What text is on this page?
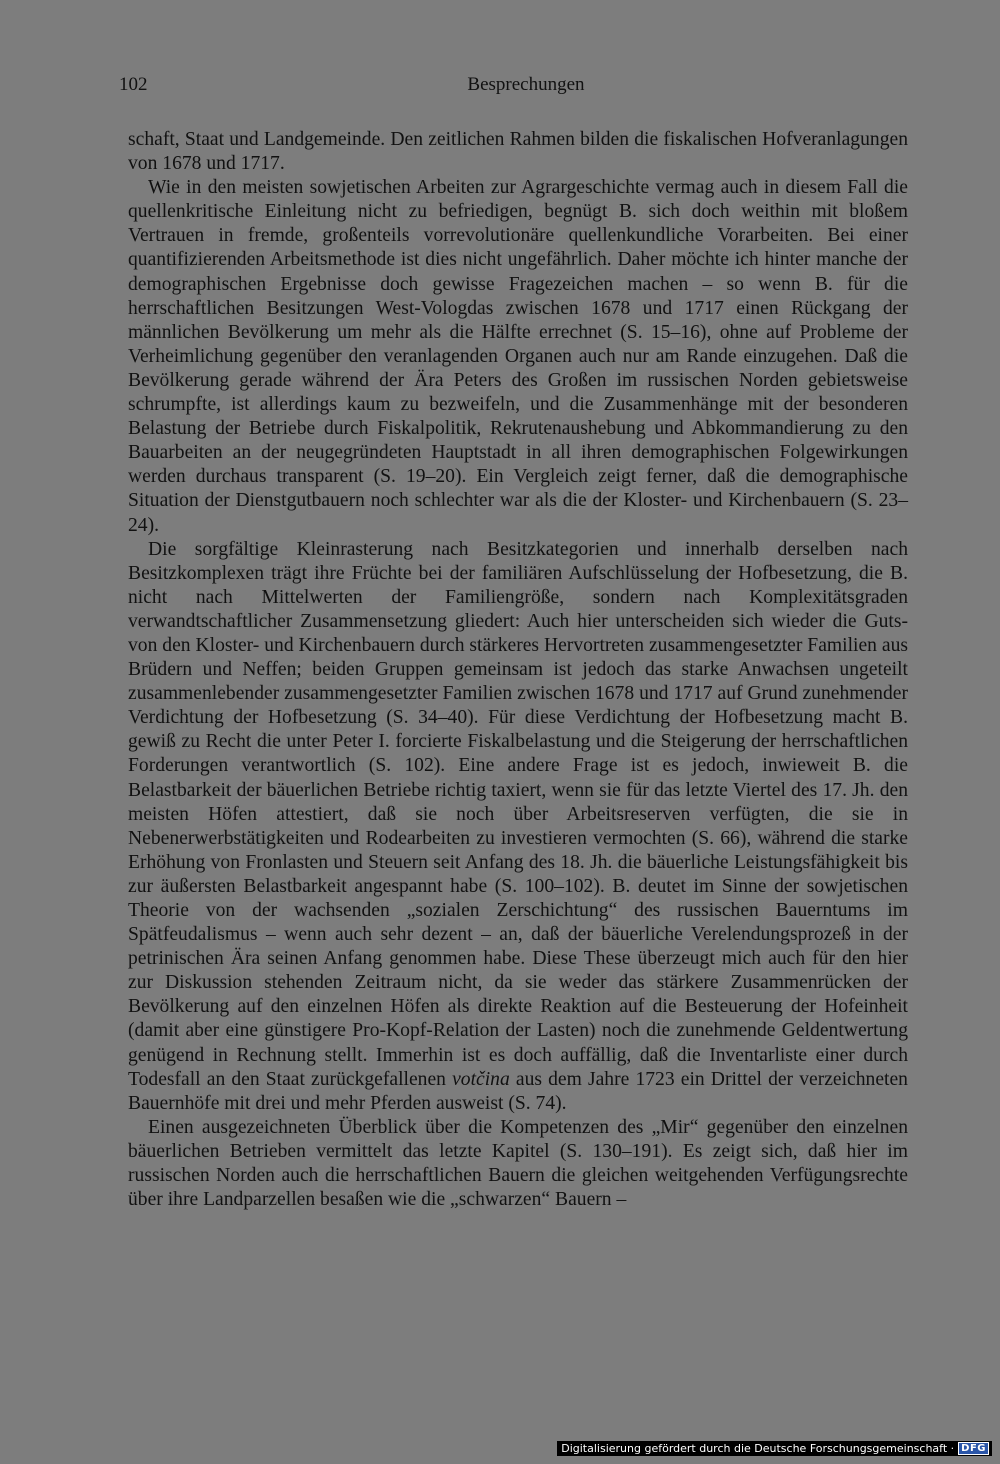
102	Besprechungen

schaft, Staat und Landgemeinde. Den zeitlichen Rahmen bilden die fiskalischen Hofveranlagungen von 1678 und 1717.

Wie in den meisten sowjetischen Arbeiten zur Agrargeschichte vermag auch in diesem Fall die quellenkritische Einleitung nicht zu befriedigen, begnügt B. sich doch weithin mit bloßem Vertrauen in fremde, großenteils vorrevolutionäre quellenkundliche Vorarbeiten. Bei einer quantifizierenden Arbeitsmethode ist dies nicht ungefährlich. Daher möchte ich hinter manche der demographischen Ergebnisse doch gewisse Fragezeichen machen – so wenn B. für die herrschaftlichen Besitzungen West-Vologdas zwischen 1678 und 1717 einen Rückgang der männlichen Bevölkerung um mehr als die Hälfte errechnet (S. 15–16), ohne auf Probleme der Verheimlichung gegenüber den veranlagenden Organen auch nur am Rande einzugehen. Daß die Bevölkerung gerade während der Ära Peters des Großen im russischen Norden gebietsweise schrumpfte, ist allerdings kaum zu bezweifeln, und die Zusammenhänge mit der besonderen Belastung der Betriebe durch Fiskalpolitik, Rekrutenaushebung und Abkommandierung zu den Bauarbeiten an der neugegründeten Hauptstadt in all ihren demographischen Folgewirkungen werden durchaus transparent (S. 19–20). Ein Vergleich zeigt ferner, daß die demographische Situation der Dienstgutbauern noch schlechter war als die der Kloster- und Kirchenbauern (S. 23–24).

Die sorgfältige Kleinrasterung nach Besitzkategorien und innerhalb derselben nach Besitzkomplexen trägt ihre Früchte bei der familiären Aufschlüsselung der Hofbesetzung, die B. nicht nach Mittelwerten der Familiengröße, sondern nach Komplexitätsgraden verwandtschaftlicher Zusammensetzung gliedert: Auch hier unterscheiden sich wieder die Guts- von den Kloster- und Kirchenbauern durch stärkeres Hervortreten zusammengesetzter Familien aus Brüdern und Neffen; beiden Gruppen gemeinsam ist jedoch das starke Anwachsen ungeteilt zusammenlebender zusammengesetzter Familien zwischen 1678 und 1717 auf Grund zunehmender Verdichtung der Hofbesetzung (S. 34–40). Für diese Verdichtung der Hofbesetzung macht B. gewiß zu Recht die unter Peter I. forcierte Fiskalbelastung und die Steigerung der herrschaftlichen Forderungen verantwortlich (S. 102). Eine andere Frage ist es jedoch, inwieweit B. die Belastbarkeit der bäuerlichen Betriebe richtig taxiert, wenn sie für das letzte Viertel des 17. Jh. den meisten Höfen attestiert, daß sie noch über Arbeitsreserven verfügten, die sie in Nebenerwerbstätigkeiten und Rodearbeiten zu investieren vermochten (S. 66), während die starke Erhöhung von Fronlasten und Steuern seit Anfang des 18. Jh. die bäuerliche Leistungsfähigkeit bis zur äußersten Belastbarkeit angespannt habe (S. 100–102). B. deutet im Sinne der sowjetischen Theorie von der wachsenden „sozialen Zerschichtung“ des russischen Bauerntums im Spätfeudalismus – wenn auch sehr dezent – an, daß der bäuerliche Verelendungsprozeß in der petrinischen Ära seinen Anfang genommen habe. Diese These überzeugt mich auch für den hier zur Diskussion stehenden Zeitraum nicht, da sie weder das stärkere Zusammenrücken der Bevölkerung auf den einzelnen Höfen als direkte Reaktion auf die Besteuerung der Hofeinheit (damit aber eine günstigere Pro-Kopf-Relation der Lasten) noch die zunehmende Geldentwertung genügend in Rechnung stellt. Immerhin ist es doch auffällig, daß die Inventarliste einer durch Todesfall an den Staat zurückgefallenen votčina aus dem Jahre 1723 ein Drittel der verzeichneten Bauernhöfe mit drei und mehr Pferden ausweist (S. 74).

Einen ausgezeichneten Überblick über die Kompetenzen des „Mir“ gegenüber den einzelnen bäuerlichen Betrieben vermittelt das letzte Kapitel (S. 130–191). Es zeigt sich, daß hier im russischen Norden auch die herrschaftlichen Bauern die gleichen weitgehenden Verfügungsrechte über ihre Landparzellen besaßen wie die „schwarzen“ Bauern –

Digitalisierung gefördert durch die Deutsche Forschungsgemeinschaft · DFG
